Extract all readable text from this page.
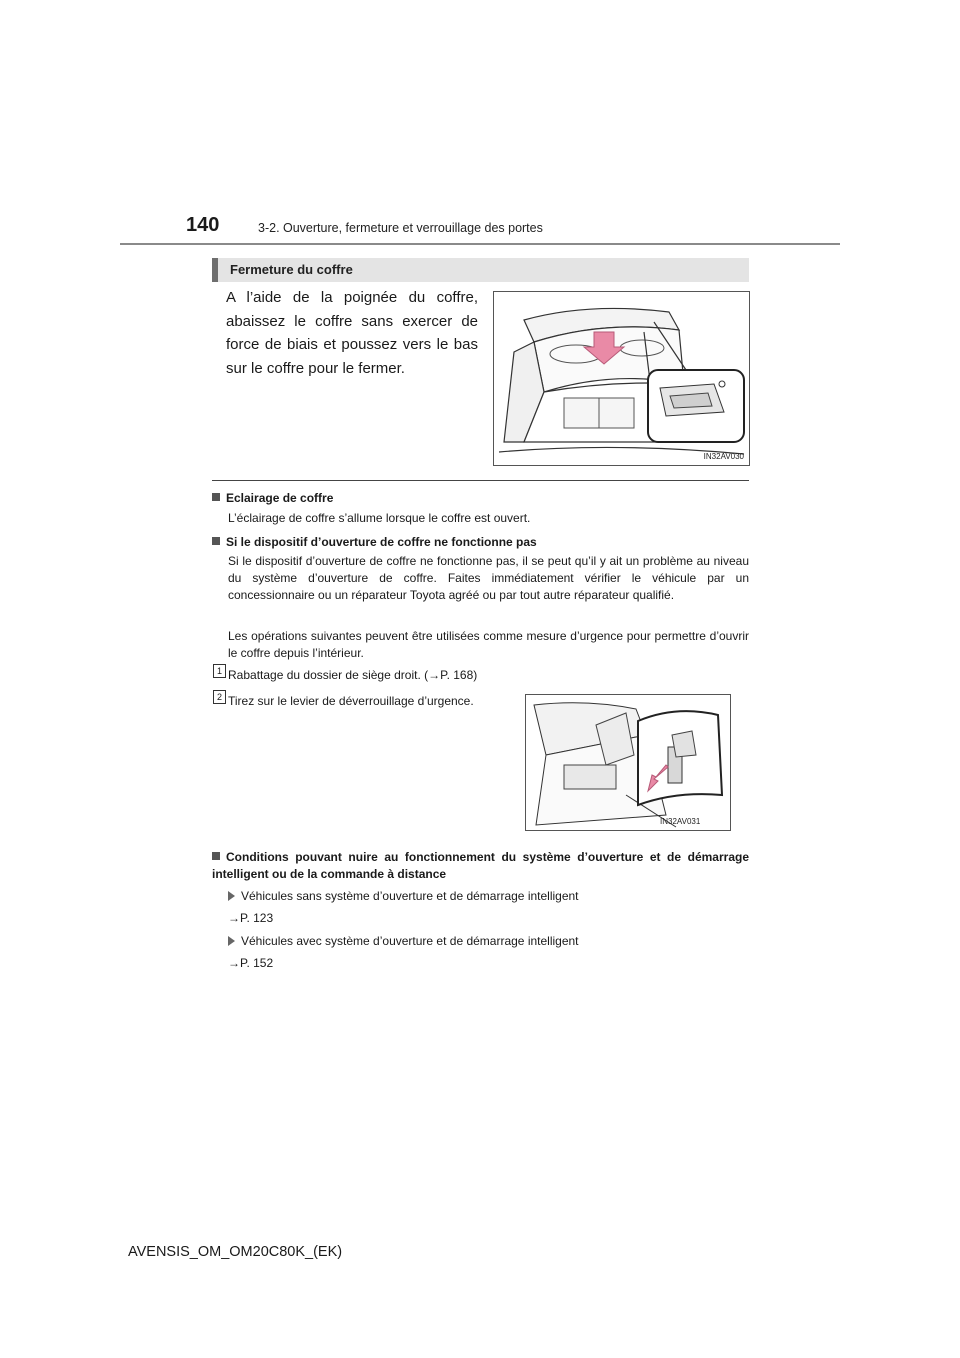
140	3-2. Ouverture, fermeture et verrouillage des portes
Fermeture du coffre
A l’aide de la poignée du coffre, abaissez le coffre sans exercer de force de biais et poussez vers le bas sur le coffre pour le fermer.
IN32AV030
Eclairage de coffre
L’éclairage de coffre s’allume lorsque le coffre est ouvert.
Si le dispositif d’ouverture de coffre ne fonctionne pas
Si le dispositif d’ouverture de coffre ne fonctionne pas, il se peut qu’il y ait un problème au niveau du système d’ouverture de coffre. Faites immédiatement vérifier le véhicule par un concessionnaire ou un réparateur Toyota agréé ou par tout autre réparateur qualifié.
Les opérations suivantes peuvent être utilisées comme mesure d’urgence pour permettre d’ouvrir le coffre depuis l’intérieur.
1 Rabattage du dossier de siège droit. (→P. 168)
2 Tirez sur le levier de déverrouillage d’urgence.
IN32AV031
Conditions pouvant nuire au fonctionnement du système d’ouverture et de démarrage intelligent ou de la commande à distance
Véhicules sans système d’ouverture et de démarrage intelligent
→P. 123
Véhicules avec système d’ouverture et de démarrage intelligent
→P. 152
AVENSIS_OM_OM20C80K_(EK)
